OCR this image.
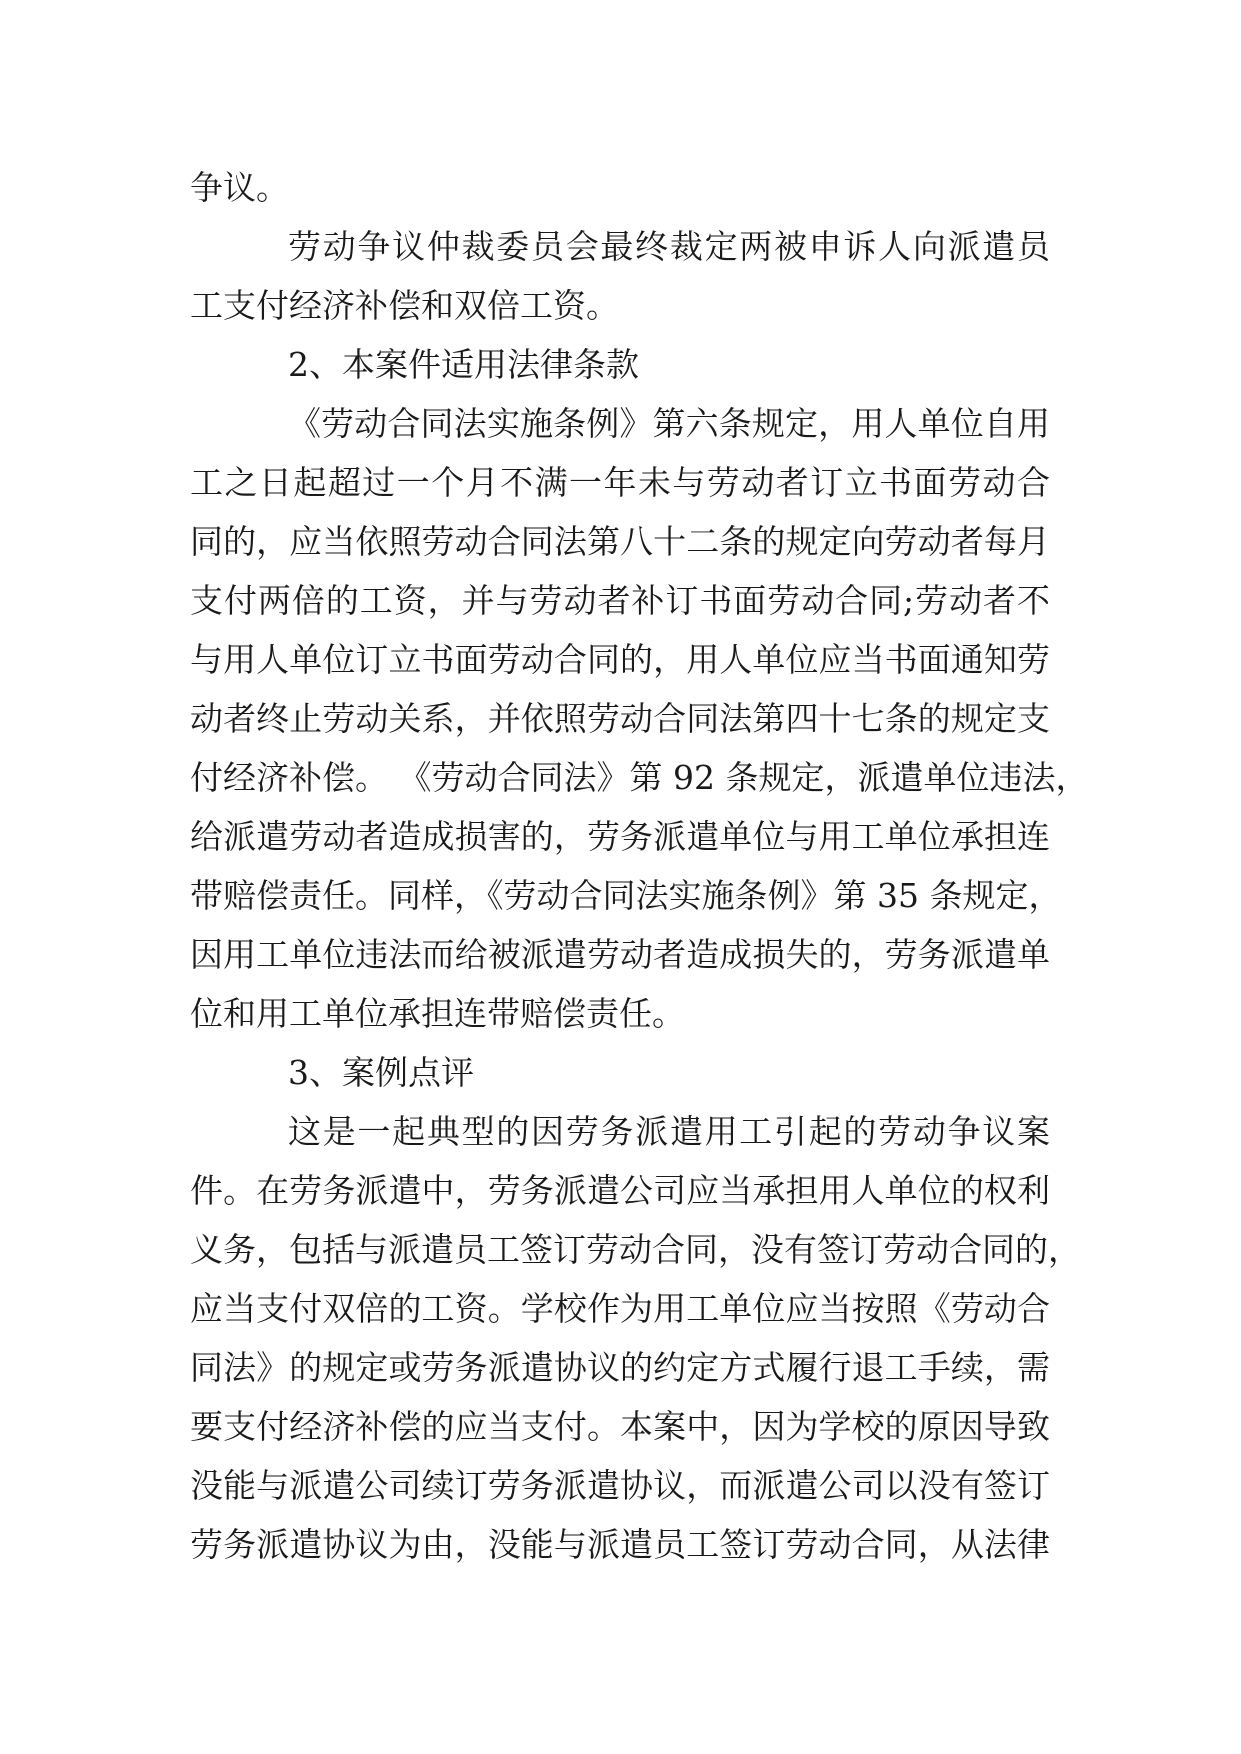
争议。
劳动争议仲裁委员会最终裁定两被申诉人向派遣员
工支付经济补偿和双倍工资。
2、本案件适用法律条款
《劳动合同法实施条例》第六条规定，用人单位自用
工之日起超过一个月不满一年未与劳动者订立书面劳动合
同的，应当依照劳动合同法第八十二条的规定向劳动者每月
支付两倍的工资，并与劳动者补订书面劳动合同;劳动者不
与用人单位订立书面劳动合同的，用人单位应当书面通知劳
动者终止劳动关系，并依照劳动合同法第四十七条的规定支
付经济补偿。 《劳动合同法》第 92 条规定，派遣单位违法，
给派遣劳动者造成损害的，劳务派遣单位与用工单位承担连
带赔偿责任。同样，《劳动合同法实施条例》第 35 条规定，
因用工单位违法而给被派遣劳动者造成损失的，劳务派遣单
位和用工单位承担连带赔偿责任。
3、案例点评
这是一起典型的因劳务派遣用工引起的劳动争议案
件。在劳务派遣中，劳务派遣公司应当承担用人单位的权利
义务，包括与派遣员工签订劳动合同，没有签订劳动合同的，
应当支付双倍的工资。学校作为用工单位应当按照《劳动合
同法》的规定或劳务派遣协议的约定方式履行退工手续，需
要支付经济补偿的应当支付。本案中，因为学校的原因导致
没能与派遣公司续订劳务派遣协议，而派遣公司以没有签订
劳务派遣协议为由，没能与派遣员工签订劳动合同，从法律
